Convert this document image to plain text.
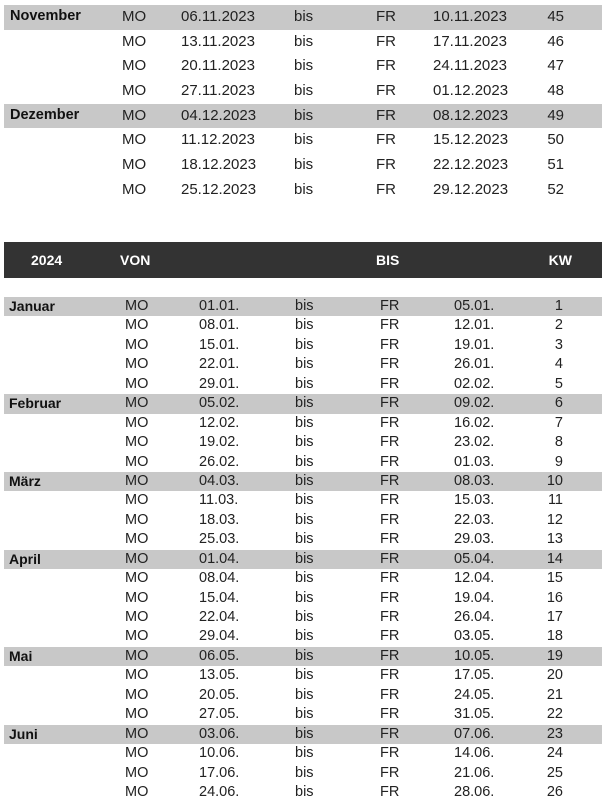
November	MO 06.11.2023	bis	FR 10.11.2023	45
MO 13.11.2023	bis	FR 17.11.2023	46
MO 20.11.2023	bis	FR 24.11.2023	47
MO 27.11.2023	bis	FR 01.12.2023	48
Dezember	MO 04.12.2023	bis	FR 08.12.2023	49
MO 11.12.2023	bis	FR 15.12.2023	50
MO 18.12.2023	bis	FR 22.12.2023	51
MO 25.12.2023	bis	FR 29.12.2023	52
2024	VON	BIS	KW
Januar	MO	01.01.	bis	FR	05.01.	1
MO	08.01.	bis	FR	12.01.	2
MO	15.01.	bis	FR	19.01.	3
MO	22.01.	bis	FR	26.01.	4
MO	29.01.	bis	FR	02.02.	5
Februar	MO	05.02.	bis	FR	09.02.	6
MO	12.02.	bis	FR	16.02.	7
MO	19.02.	bis	FR	23.02.	8
MO	26.02.	bis	FR	01.03.	9
März	MO	04.03.	bis	FR	08.03.	10
MO	11.03.	bis	FR	15.03.	11
MO	18.03.	bis	FR	22.03.	12
MO	25.03.	bis	FR	29.03.	13
April	MO	01.04.	bis	FR	05.04.	14
MO	08.04.	bis	FR	12.04.	15
MO	15.04.	bis	FR	19.04.	16
MO	22.04.	bis	FR	26.04.	17
MO	29.04.	bis	FR	03.05.	18
Mai	MO	06.05.	bis	FR	10.05.	19
MO	13.05.	bis	FR	17.05.	20
MO	20.05.	bis	FR	24.05.	21
MO	27.05.	bis	FR	31.05.	22
Juni	MO	03.06.	bis	FR	07.06.	23
MO	10.06.	bis	FR	14.06.	24
MO	17.06.	bis	FR	21.06.	25
MO	24.06.	bis	FR	28.06.	26
